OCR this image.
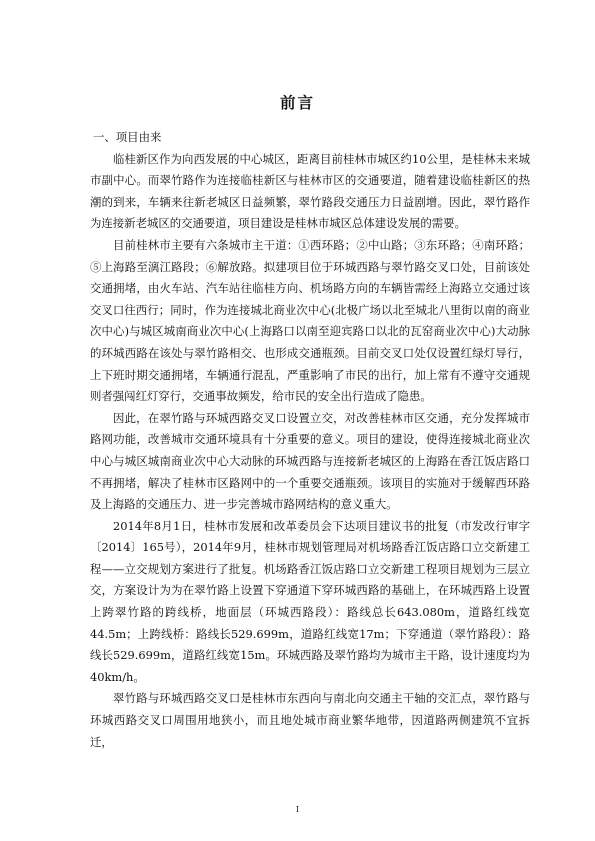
前言

一、项目由来

临桂新区作为向西发展的中心城区，距离目前桂林市城区约10公里，是桂林未来城市副中心。而翠竹路作为连接临桂新区与桂林市区的交通要道，随着建设临桂新区的热潮的到来，车辆来往新老城区日益频繁，翠竹路段交通压力日益剧增。因此，翠竹路作为连接新老城区的交通要道，项目建设是桂林市城区总体建设发展的需要。

目前桂林市主要有六条城市主干道：①西环路；②中山路；③东环路；④南环路；⑤上海路至漓江路段；⑥解放路。拟建项目位于环城西路与翠竹路交叉口处，目前该处交通拥堵，由火车站、汽车站往临桂方向、机场路方向的车辆皆需经上海路立交通过该交叉口往西行；同时，作为连接城北商业次中心(北极广场以北至城北八里街以南的商业次中心)与城区城南商业次中心(上海路口以南至迎宾路口以北的瓦窑商业次中心)大动脉的环城西路在该处与翠竹路相交、也形成交通瓶颈。目前交叉口处仅设置红绿灯导行，上下班时期交通拥堵，车辆通行混乱，严重影响了市民的出行，加上常有不遵守交通规则者强闯红灯穿行，交通事故频发，给市民的安全出行造成了隐患。

因此，在翠竹路与环城西路交叉口设置立交，对改善桂林市区交通，充分发挥城市路网功能，改善城市交通环境具有十分重要的意义。项目的建设，使得连接城北商业次中心与城区城南商业次中心大动脉的环城西路与连接新老城区的上海路在香江饭店路口不再拥堵，解决了桂林市区路网中的一个重要交通瓶颈。该项目的实施对于缓解西环路及上海路的交通压力、进一步完善城市路网结构的意义重大。

2014年8月1日，桂林市发展和改革委员会下达项目建议书的批复（市发改行审字〔2014〕165号），2014年9月，桂林市规划管理局对机场路香江饭店路口立交新建工程——立交规划方案进行了批复。机场路香江饭店路口立交新建工程项目规划为三层立交，方案设计为为在翠竹路上设置下穿通道下穿环城西路的基础上，在环城西路上设置上跨翠竹路的跨线桥，地面层（环城西路段）：路线总长643.080m，道路红线宽44.5m；上跨线桥：路线长529.699m，道路红线宽17m；下穿通道（翠竹路段）：路线长529.699m，道路红线宽15m。环城西路及翠竹路均为城市主干路，设计速度均为40km/h。

翠竹路与环城西路交叉口是桂林市东西向与南北向交通主干轴的交汇点，翠竹路与环城西路交叉口周围用地狭小，而且地处城市商业繁华地带，因道路两侧建筑不宜拆迁，

I
